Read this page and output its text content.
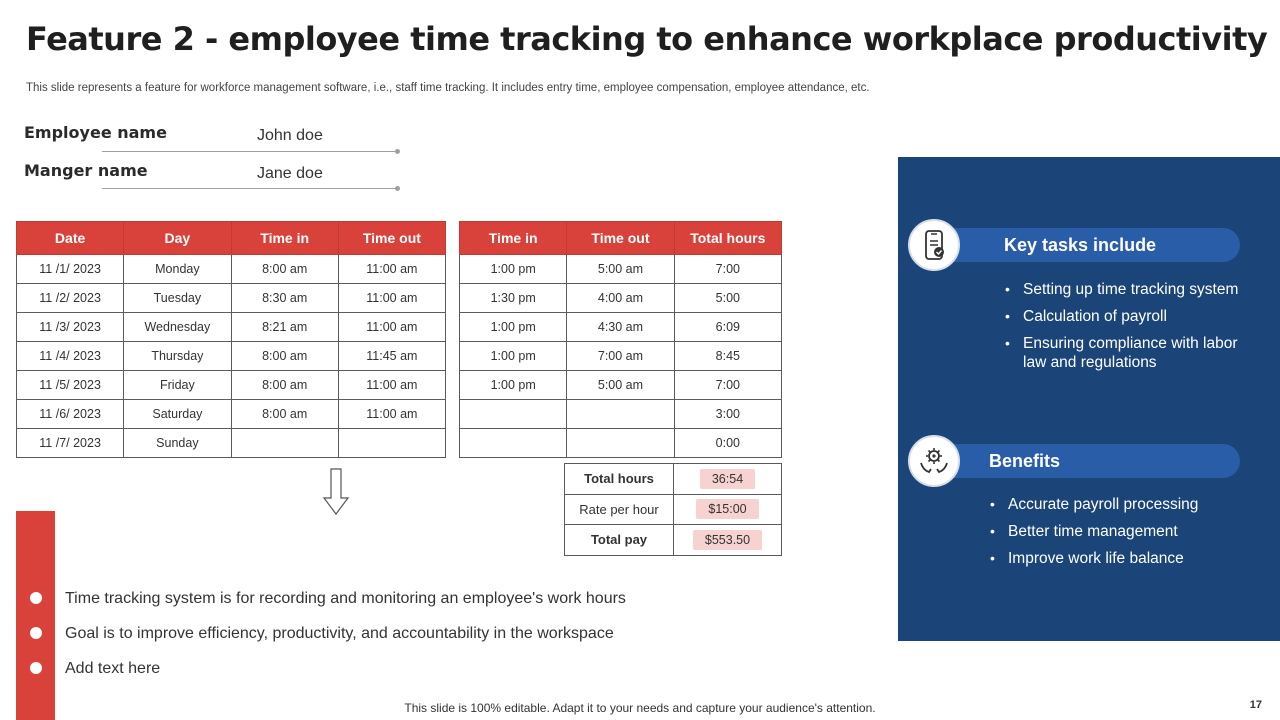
Feature 2 - employee time tracking to enhance workplace productivity
This slide represents a feature for workforce management software, i.e., staff time tracking. It includes entry time, employee compensation, employee attendance, etc.
Employee name	John doe
Manger name	Jane doe
Date	Day	Time in	Time out
11 /1/ 2023	Monday	8:00 am	11:00 am
11 /2/ 2023	Tuesday	8:30 am	11:00 am
11 /3/ 2023	Wednesday	8:21 am	11:00 am
11 /4/ 2023	Thursday	8:00 am	11:45 am
11 /5/ 2023	Friday	8:00 am	11:00 am
11 /6/ 2023	Saturday	8:00 am	11:00 am
11 /7/ 2023	Sunday		
Time in	Time out	Total hours
1:00 pm	5:00 am	7:00
1:30 pm	4:00 am	5:00
1:00 pm	4:30 am	6:09
1:00 pm	7:00 am	8:45
1:00 pm	5:00 am	7:00
		3:00
		0:00
Total hours	36:54
Rate per hour	$15:00
Total pay	$553.50
Time tracking system is for recording and monitoring an employee's work hours
Goal is to improve efficiency, productivity, and accountability in the workspace
Add text here
Key tasks include
• Setting up time tracking system
• Calculation of payroll
• Ensuring compliance with labor law and regulations
Benefits
• Accurate payroll processing
• Better time management
• Improve work life balance
This slide is 100% editable. Adapt it to your needs and capture your audience's attention.	17
